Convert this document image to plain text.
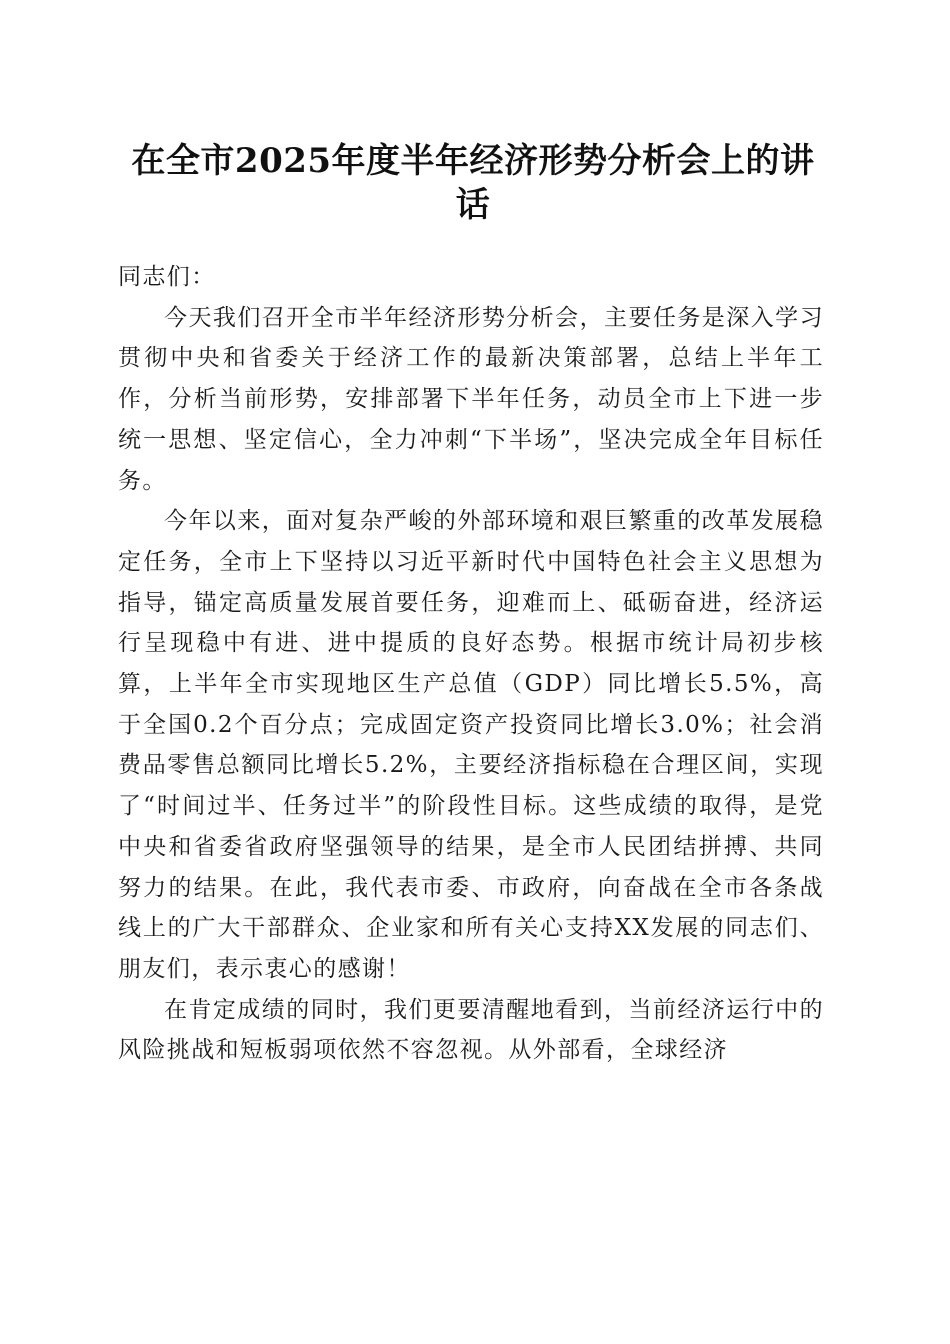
在全市2025年度半年经济形势分析会上的讲话

同志们：

今天我们召开全市半年经济形势分析会，主要任务是深入学习贯彻中央和省委关于经济工作的最新决策部署，总结上半年工作，分析当前形势，安排部署下半年任务，动员全市上下进一步统一思想、坚定信心，全力冲刺“下半场”，坚决完成全年目标任务。

今年以来，面对复杂严峻的外部环境和艰巨繁重的改革发展稳定任务，全市上下坚持以习近平新时代中国特色社会主义思想为指导，锚定高质量发展首要任务，迎难而上、砥砺奋进，经济运行呈现稳中有进、进中提质的良好态势。根据市统计局初步核算，上半年全市实现地区生产总值（GDP）同比增长5.5%，高于全国0.2个百分点；完成固定资产投资同比增长3.0%；社会消费品零售总额同比增长5.2%，主要经济指标稳在合理区间，实现了“时间过半、任务过半”的阶段性目标。这些成绩的取得，是党中央和省委省政府坚强领导的结果，是全市人民团结拼搏、共同努力的结果。在此，我代表市委、市政府，向奋战在全市各条战线上的广大干部群众、企业家和所有关心支持XX发展的同志们、朋友们，表示衷心的感谢！

在肯定成绩的同时，我们更要清醒地看到，当前经济运行中的风险挑战和短板弱项依然不容忽视。从外部看，全球经济
